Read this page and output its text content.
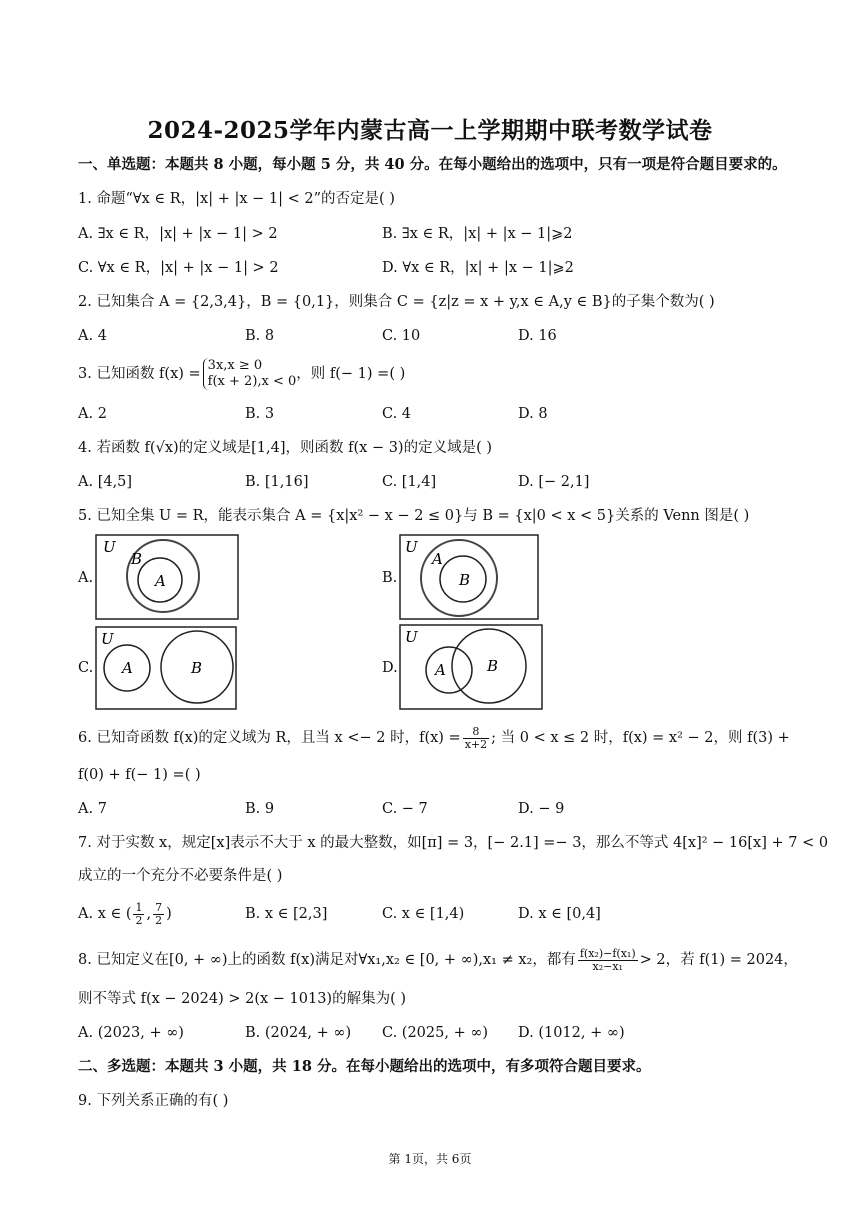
2024-2025学年内蒙古高一上学期期中联考数学试卷
一、单选题：本题共 8 小题，每小题 5 分，共 40 分。在每小题给出的选项中，只有一项是符合题目要求的。
1. 命题“∀x ∈ R，|x| + |x − 1| < 2”的否定是( )
A. ∃x ∈ R，|x| + |x − 1| > 2	B. ∃x ∈ R，|x| + |x − 1|⩾2
C. ∀x ∈ R，|x| + |x − 1| > 2	D. ∀x ∈ R，|x| + |x − 1|⩾2
2. 已知集合 A = {2,3,4}，B = {0,1}，则集合 C = {z|z = x + y,x ∈ A,y ∈ B}的子集个数为( )
A. 4	B. 8	C. 10	D. 16
3. 已知函数 f(x) =
3x,x ≥ 0
f(x + 2),x < 0 ，则 f(− 1) =( )
A. 2	B. 3	C. 4	D. 8
4. 若函数 f(√x)的定义域是[1,4]，则函数 f(x − 3)的定义域是( )
A. [4,5]	B. [1,16]	C. [1,4]	D. [− 2,1]
5. 已知全集 U = R，能表示集合 A = {x|x² − x − 2 ≤ 0}与 B = {x|0 < x < 5}关系的 Venn 图是( )
A.
U
B
A	B.
U
A
B
C.
U
A	B	D.
U
A	B
6. 已知奇函数 f(x)的定义域为 R，且当 x <− 2 时，$f(x) = \frac{8}{x+2}$ ; 当 0 < x ≤ 2 时，f(x) = x² − 2，则 f(3) +
f(0) + f(− 1) =( )
A. 7	B. 9	C. − 7	D. − 9
7. 对于实数 x，规定[x]表示不大于 x 的最大整数，如[π] = 3，[− 2.1] =− 3，那么不等式 4[x]² − 16[x] + 7 < 0
成立的一个充分不必要条件是( )
A. x ∈ ( $\frac{1}{2}$ , $\frac{7}{2}$ )	B. x ∈ [2,3]	C. x ∈ [1,4)	D. x ∈ [0,4]
8. 已知定义在[0, + ∞)上的函数 f(x)满足对∀x₁,x₂ ∈ [0, + ∞),x₁ ≠ x₂，都有 $\frac{\text{f(x₂)−f(x₁)}}{\text{x₂−x₁}} > 2$，若 f(1) = 2024，
则不等式 f(x − 2024) > 2(x − 1013)的解集为( )
A. (2023, + ∞)	B. (2024, + ∞) C. (2025, + ∞) D. (1012, + ∞)
二、多选题：本题共 3 小题，共 18 分。在每小题给出的选项中，有多项符合题目要求。
9. 下列关系正确的有( )
第 1页，共 6页
